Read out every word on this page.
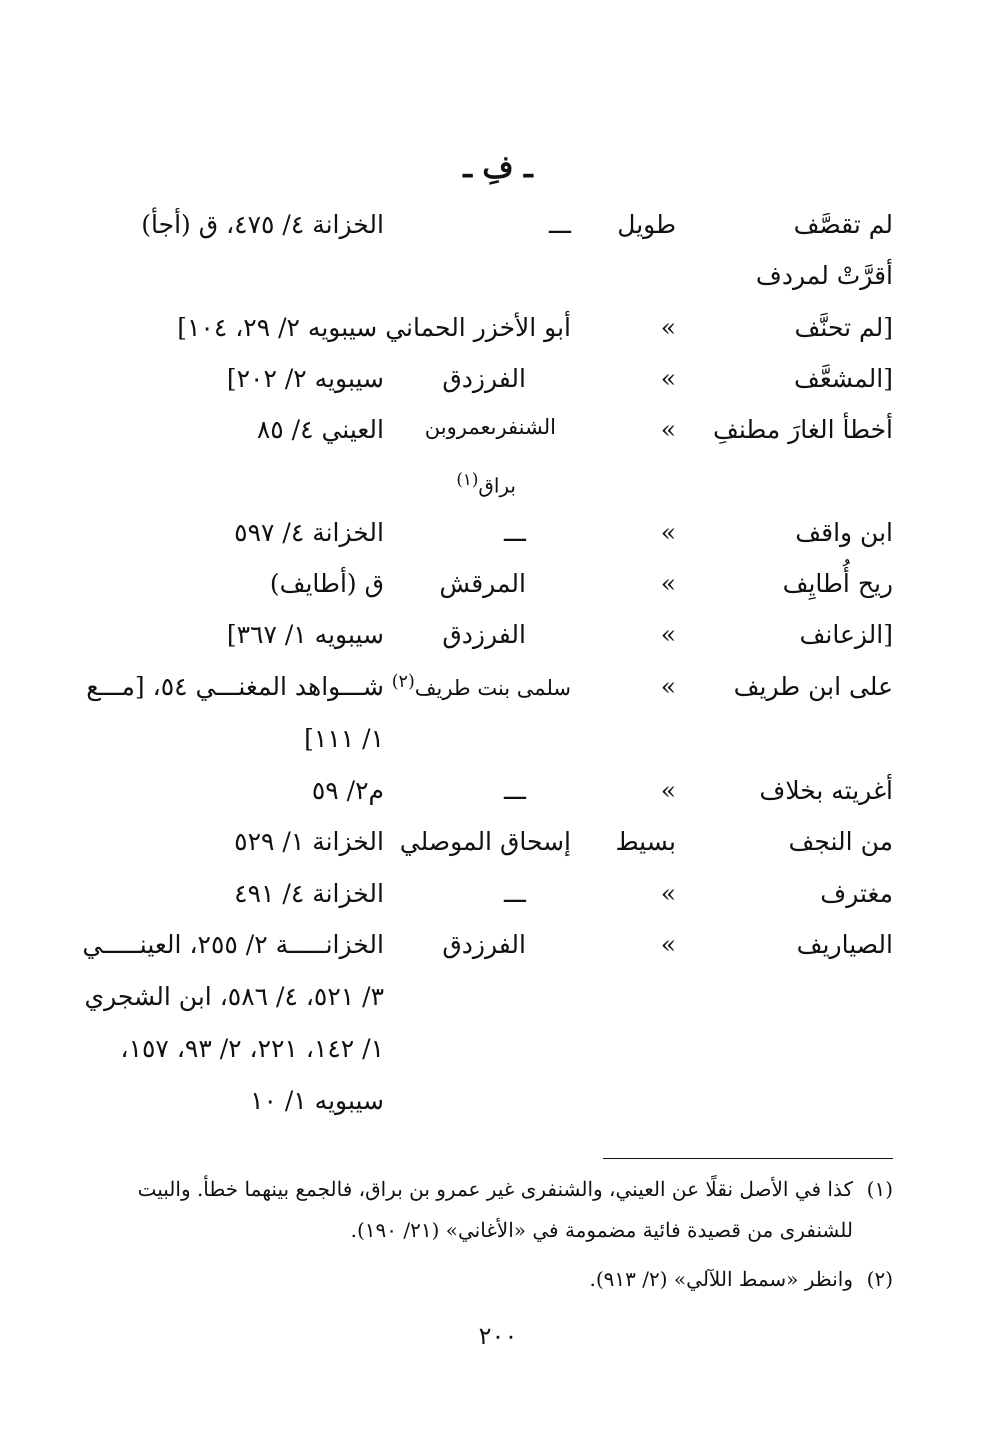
ـ فِ ـ
لم تقصَّف
طويل
ـــ
الخزانة ٤/ ٤٧٥، ق (أجأ)
أقرَّتْ لمردف
[لم تحنَّف
»
أبو الأخزر الحماني سيبويه ٢/ ٢٩، ١٠٤]
[المشعَّف
»
الفرزدق
سيبويه ٢/ ٢٠٢]
أخطأ الغارَ مطنفِ
»
الشنفرىعمروبن
العيني ٤/ ٨٥
براق$^{(١)}$
ابن واقف
»
ـــ
الخزانة ٤/ ٥٩٧
ريح أُطايِف
»
المرقش
ق (أطايف)
[الزعانف
»
الفرزدق
سيبويه ١/ ٣٦٧]
على ابن طريف
»
سلمى بنت طريف$^{(٢)}$
شـــواهد المغنـــي ٥٤، [مـــع
١/ ١١١]
أغريته بخلاف
»
ـــ
م٢/ ٥٩
من النجف
بسيط
إسحاق الموصلي
الخزانة ١/ ٥٢٩
مغترف
»
ـــ
الخزانة ٤/ ٤٩١
الصياريف
»
الفرزدق
الخزانـــــة ٢/ ٢٥٥، العينـــــي
٣/ ٥٢١، ٤/ ٥٨٦، ابن الشجري
١/ ١٤٢، ٢٢١، ٢/ ٩٣، ١٥٧،
سيبويه ١/ ١٠
(١)كذا في الأصل نقلًا عن العيني، والشنفرى غير عمرو بن براق، فالجمع بينهما خطأ. والبيت
للشنفرى من قصيدة فائية مضمومة في «الأغاني» (٢١/ ١٩٠).
(٢)وانظر «سمط اللآلي» (٢/ ٩١٣).
٢٠٠
